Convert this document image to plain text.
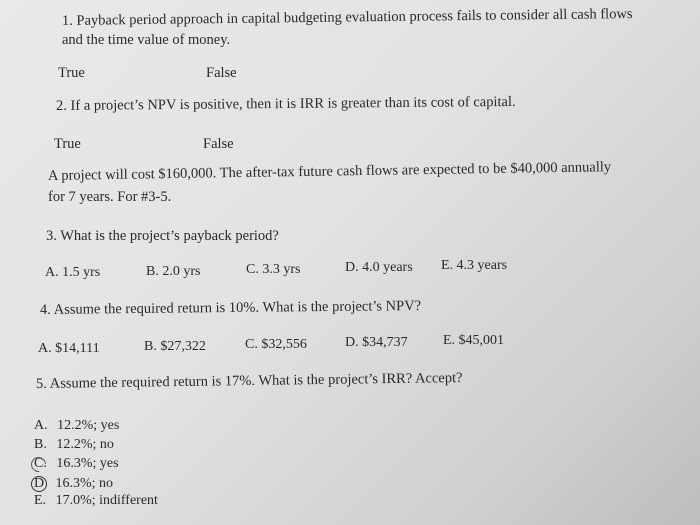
1. Payback period approach in capital budgeting evaluation process fails to consider all cash flows
and the time value of money.
True	False
2. If a project’s NPV is positive, then it is IRR is greater than its cost of capital.
True	False
A project will cost $160,000. The after-tax future cash flows are expected to be $40,000 annually
for 7 years. For #3-5.
3. What is the project’s payback period?
A. 1.5 yrs	B. 2.0 yrs	C. 3.3 yrs	D. 4.0 years E. 4.3 years
4. Assume the required return is 10%. What is the project’s NPV?
A. $14,111	B. $27,322	C. $32,556	D. $34,737	E. $45,001
5. Assume the required return is 17%. What is the project’s IRR? Accept?
A. 12.2%; yes
B. 12.2%; no
C. 16.3%; yes
D 16.3%; no
E. 17.0%; indifferent
